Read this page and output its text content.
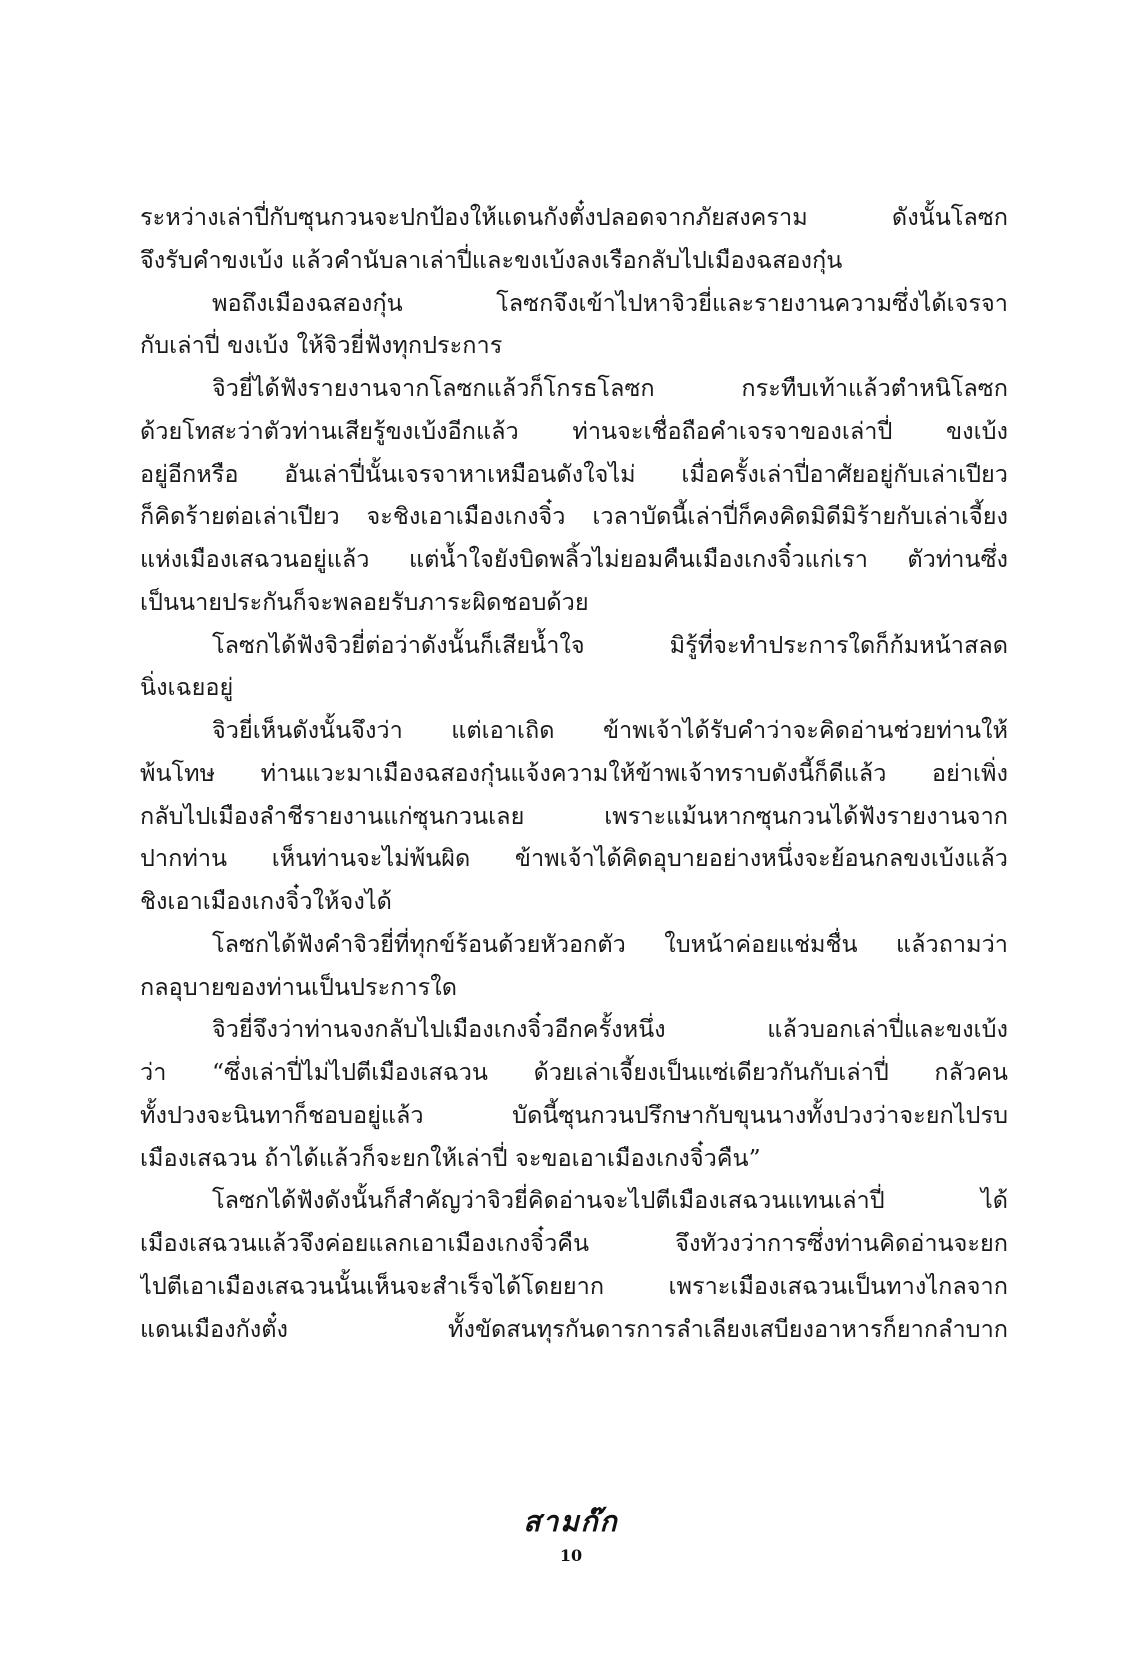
ระหว่างเล่าปี่กับซุนกวนจะปกป้องให้แดนกังตั๋งปลอดจากภัยสงคราม ดังนั้นโลซก
จึงรับคำขงเบ้ง แล้วคำนับลาเล่าปี่และขงเบ้งลงเรือกลับไปเมืองฉสองกุ๋น
พอถึงเมืองฉสองกุ๋น โลซกจึงเข้าไปหาจิวยี่และรายงานความซึ่งได้เจรจา
กับเล่าปี่ ขงเบ้ง ให้จิวยี่ฟังทุกประการ
จิวยี่ได้ฟังรายงานจากโลซกแล้วก็โกรธโลซก กระทืบเท้าแล้วตำหนิโลซก
ด้วยโทสะว่าตัวท่านเสียรู้ขงเบ้งอีกแล้ว ท่านจะเชื่อถือคำเจรจาของเล่าปี่ ขงเบ้ง
อยู่อีกหรือ อันเล่าปี่นั้นเจรจาหาเหมือนดังใจไม่ เมื่อครั้งเล่าปี่อาศัยอยู่กับเล่าเปียว
ก็คิดร้ายต่อเล่าเปียว จะชิงเอาเมืองเกงจิ๋ว เวลาบัดนี้เล่าปี่ก็คงคิดมิดีมิร้ายกับเล่าเจี้ยง
แห่งเมืองเสฉวนอยู่แล้ว แต่น้ำใจยังบิดพลิ้วไม่ยอมคืนเมืองเกงจิ๋วแก่เรา ตัวท่านซึ่ง
เป็นนายประกันก็จะพลอยรับภาระผิดชอบด้วย
โลซกได้ฟังจิวยี่ต่อว่าดังนั้นก็เสียน้ำใจ มิรู้ที่จะทำประการใดก็ก้มหน้าสลด
นิ่งเฉยอยู่
จิวยี่เห็นดังนั้นจึงว่า แต่เอาเถิด ข้าพเจ้าได้รับคำว่าจะคิดอ่านช่วยท่านให้
พ้นโทษ ท่านแวะมาเมืองฉสองกุ๋นแจ้งความให้ข้าพเจ้าทราบดังนี้ก็ดีแล้ว อย่าเพิ่ง
กลับไปเมืองลำชีรายงานแก่ซุนกวนเลย เพราะแม้นหากซุนกวนได้ฟังรายงานจาก
ปากท่าน เห็นท่านจะไม่พ้นผิด ข้าพเจ้าได้คิดอุบายอย่างหนึ่งจะย้อนกลขงเบ้งแล้ว
ชิงเอาเมืองเกงจิ๋วให้จงได้
โลซกได้ฟังคำจิวยี่ที่ทุกข์ร้อนด้วยหัวอกตัว ใบหน้าค่อยแช่มชื่น แล้วถามว่า
กลอุบายของท่านเป็นประการใด
จิวยี่จึงว่าท่านจงกลับไปเมืองเกงจิ๋วอีกครั้งหนึ่ง แล้วบอกเล่าปี่และขงเบ้ง
ว่า “ซึ่งเล่าปี่ไม่ไปตีเมืองเสฉวน ด้วยเล่าเจี้ยงเป็นแซ่เดียวกันกับเล่าปี่ กลัวคน
ทั้งปวงจะนินทาก็ชอบอยู่แล้ว บัดนี้ซุนกวนปรึกษากับขุนนางทั้งปวงว่าจะยกไปรบ
เมืองเสฉวน ถ้าได้แล้วก็จะยกให้เล่าปี่ จะขอเอาเมืองเกงจิ๋วคืน”
โลซกได้ฟังดังนั้นก็สำคัญว่าจิวยี่คิดอ่านจะไปตีเมืองเสฉวนแทนเล่าปี่ ได้
เมืองเสฉวนแล้วจึงค่อยแลกเอาเมืองเกงจิ๋วคืน จึงทัวงว่าการซึ่งท่านคิดอ่านจะยก
ไปตีเอาเมืองเสฉวนนั้นเห็นจะสำเร็จได้โดยยาก เพราะเมืองเสฉวนเป็นทางไกลจาก
แดนเมืองกังตั๋ง ทั้งขัดสนทุรกันดารการลำเลียงเสบียงอาหารก็ยากลำบาก
สามก๊ก
10
